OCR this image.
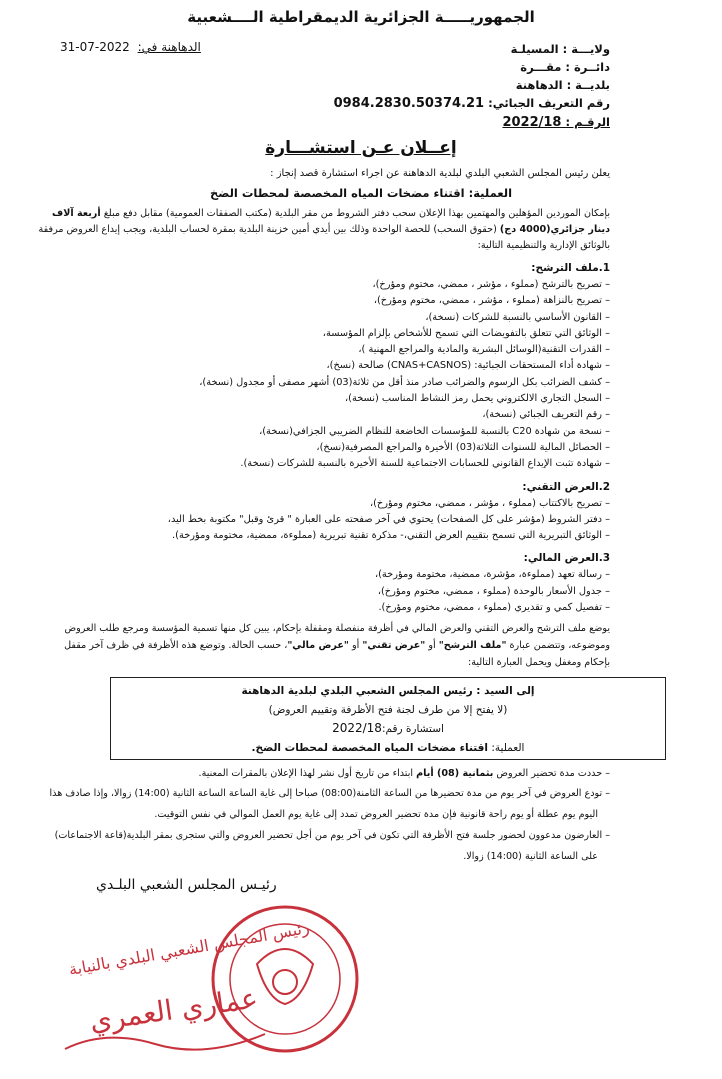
الجمهوريـــــة الجزائرية الديمقراطية الــــشعبية
ولايـــة : المسيلـة
دائــرة : مقـــرة
بلديــة : الدهاهنة
رقم التعريف الجبائي: 0984.2830.50374.21
الرقـم : 2022/18
الدهاهنة في: 2022-07-31
إعــلان عـن استشـــارة
يعلن رئيس المجلس الشعبي البلدي لبلدية الدهاهنة عن اجراء استشارة قصد إنجاز :
العملية: اقتناء مضخات المياه المخصصة لمحطات الضخ
بإمكان الموردين المؤهلين والمهتمين بهذا الإعلان سحب دفتر الشروط من مقر البلدية (مكتب الصفقات العمومية) مقابل دفع مبلغ أربعة آلاف دينار جزائري(4000 دج) (حقوق السحب) للحصة الواحدة وذلك بين أيدي أمين خزينة البلدية بمقرة لحساب البلدية، ويجب إيداع العروض مرفقة بالوثائق الإدارية والتنظيمية التالية:
1.ملف الترشح:
– تصريح بالترشح (مملوء ، مؤشر ، ممضي، مختوم ومؤرخ)،
– تصريح بالنزاهة (مملوء ، مؤشر ، ممضي، مختوم ومؤرخ)،
– القانون الأساسي بالنسبة للشركات (نسخة)،
– الوثائق التي تتعلق بالتفويضات التي تسمح للأشخاص بإلزام المؤسسة،
– القدرات التقنية(الوسائل البشرية والمادية والمراجع المهنية )،
– شهادة أداء المستحقات الجبائية: (CNAS+CASNOS) صالحة (نسخ)،
– كشف الضرائب بكل الرسوم والضرائب صادر منذ أقل من ثلاثة(03) أشهر مصفى أو مجدول (نسخة)،
– السجل التجاري الالكتروني يحمل رمز النشاط المناسب (نسخة)،
– رقم التعريف الجبائي (نسخة)،
– نسخة من شهادة C20 بالنسبة للمؤسسات الخاضعة للنظام الضريبي الجزافي(نسخة)،
– الحصائل المالية للسنوات الثلاثة(03) الأخيرة والمراجع المصرفية(نسخ)،
– شهادة تثبت الإيداع القانوني للحسابات الاجتماعية للسنة الأخيرة بالنسبة للشركات (نسخة).
2.العرض التقني:
– تصريح بالاكتتاب (مملوء ، مؤشر ، ممضي، مختوم ومؤرخ)،
– دفتر الشروط (مؤشر على كل الصفحات) يحتوي في آخر صفحته على العبارة " قرئ وقبل" مكتوبة بخط اليد،
– الوثائق التبريرية التي تسمح بتقييم العرض التقني،- مذكرة تقنية تبريرية (مملوءة، ممضية، مختومة ومؤرخة).
3.العرض المالي:
– رسالة تعهد (مملوءة، مؤشرة، ممضية، مختومة ومؤرخة)،
– جدول الأسعار بالوحدة (مملوء ، ممضي، مختوم ومؤرخ)،
– تفصيل كمي و تقديري (مملوء ، ممضي، مختوم ومؤرخ).
يوضع ملف الترشح والعرض التقني والعرض المالي في أظرفة منفصلة ومقفلة بإحكام، يبين كل منها تسمية المؤسسة ومرجع طلب العروض وموضوعه، وتتضمن عبارة "ملف الترشح" أو "عرض تقني" أو "عرض مالي"، حسب الحالة. وتوضع هذه الأظرفة في ظرف آخر مقفل بإحكام ومغفل ويحمل العبارة التالية:
إلى السيد : رئيس المجلس الشعبي البلدي لبلدية الدهاهنة
(لا يفتح إلا من طرف لجنة فتح الأظرفة وتقييم العروض)
استشارة رقم:2022/18
العملية: اقتناء مضخات المياه المخصصة لمحطات الضخ.
– حددت مدة تحضير العروض بثمانية (08) أيام ابتداء من تاريخ أول نشر لهذا الإعلان بالمقرات المعنية.
– تودع العروض في آخر يوم من مدة تحضيرها من الساعة الثامنة(08:00) صباحا إلى غاية الساعة الساعة الثانية (14:00) زوالا، وإذا صادف هذا اليوم يوم عطلة أو يوم راحة قانونية فإن مدة تحضير العروض تمدد إلى غاية يوم العمل الموالي في نفس التوقيت.
– العارضون مدعوون لحضور جلسة فتح الأظرفة التي تكون في آخر يوم من أجل تحضير العروض والتي ستجرى بمقر البلدية(قاعة الاجتماعات) على الساعة الثانية (14:00) زوالا.
رئيـس المجلس الشعبي البلـدي
رئيس المجلس الشعبي البلدي بالنيابة
عماري العمري
